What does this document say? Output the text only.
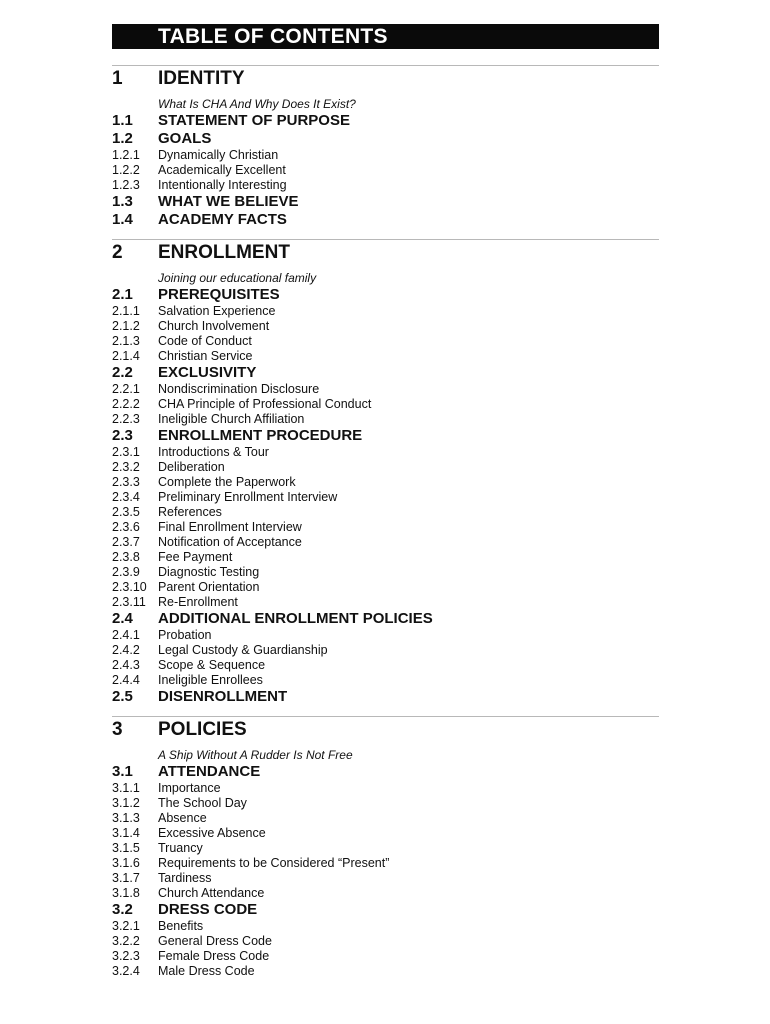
TABLE OF CONTENTS
1	IDENTITY
What Is CHA And Why Does It Exist?
1.1	STATEMENT OF PURPOSE
1.2	GOALS
1.2.1	Dynamically Christian
1.2.2	Academically Excellent
1.2.3	Intentionally Interesting
1.3	WHAT WE BELIEVE
1.4	ACADEMY FACTS
2	ENROLLMENT
Joining our educational family
2.1	PREREQUISITES
2.1.1	Salvation Experience
2.1.2	Church Involvement
2.1.3	Code of Conduct
2.1.4	Christian Service
2.2	EXCLUSIVITY
2.2.1	Nondiscrimination Disclosure
2.2.2	CHA Principle of Professional Conduct
2.2.3	Ineligible Church Affiliation
2.3	ENROLLMENT PROCEDURE
2.3.1	Introductions & Tour
2.3.2	Deliberation
2.3.3	Complete the Paperwork
2.3.4	Preliminary Enrollment Interview
2.3.5	References
2.3.6	Final Enrollment Interview
2.3.7	Notification of Acceptance
2.3.8	Fee Payment
2.3.9	Diagnostic Testing
2.3.10 Parent Orientation
2.3.11 Re-Enrollment
2.4	ADDITIONAL ENROLLMENT POLICIES
2.4.1	Probation
2.4.2	Legal Custody & Guardianship
2.4.3	Scope & Sequence
2.4.4	Ineligible Enrollees
2.5	DISENROLLMENT
3	POLICIES
A Ship Without A Rudder Is Not Free
3.1	ATTENDANCE
3.1.1	Importance
3.1.2	The School Day
3.1.3	Absence
3.1.4	Excessive Absence
3.1.5	Truancy
3.1.6	Requirements to be Considered “Present”
3.1.7	Tardiness
3.1.8	Church Attendance
3.2	DRESS CODE
3.2.1	Benefits
3.2.2	General Dress Code
3.2.3	Female Dress Code
3.2.4	Male Dress Code
